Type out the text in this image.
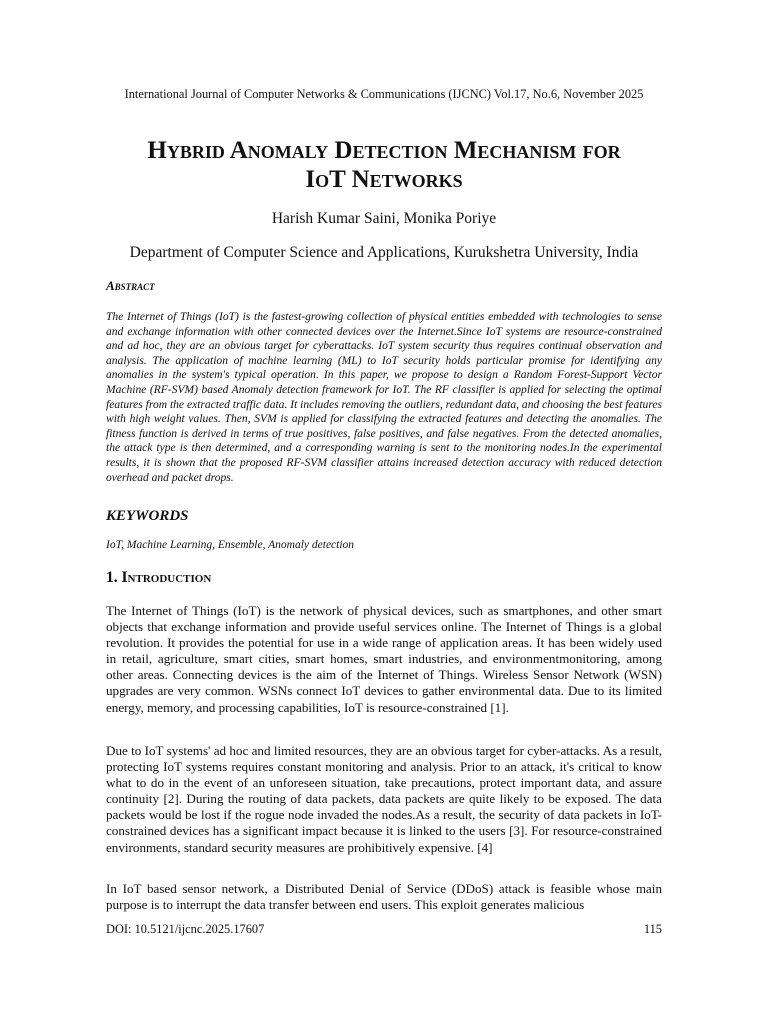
International Journal of Computer Networks & Communications (IJCNC) Vol.17, No.6, November 2025
Hybrid Anomaly Detection Mechanism for
IoT Networks
Harish Kumar Saini, Monika Poriye
Department of Computer Science and Applications, Kurukshetra University, India
Abstract

The Internet of Things (IoT) is the fastest-growing collection of physical entities embedded with technologies to sense and exchange information with other connected devices over the Internet.Since IoT systems are resource-constrained and ad hoc, they are an obvious target for cyberattacks. IoT system security thus requires continual observation and analysis. The application of machine learning (ML) to IoT security holds particular promise for identifying any anomalies in the system's typical operation. In this paper, we propose to design a Random Forest-Support Vector Machine (RF-SVM) based Anomaly detection framework for IoT. The RF classifier is applied for selecting the optimal features from the extracted traffic data. It includes removing the outliers, redundant data, and choosing the best features with high weight values. Then, SVM is applied for classifying the extracted features and detecting the anomalies. The fitness function is derived in terms of true positives, false positives, and false negatives. From the detected anomalies, the attack type is then determined, and a corresponding warning is sent to the monitoring nodes.In the experimental results, it is shown that the proposed RF-SVM classifier attains increased detection accuracy with reduced detection overhead and packet drops.

KEYWORDS
IoT, Machine Learning, Ensemble, Anomaly detection
1. Introduction

The Internet of Things (IoT) is the network of physical devices, such as smartphones, and other smart objects that exchange information and provide useful services online. The Internet of Things is a global revolution. It provides the potential for use in a wide range of application areas. It has been widely used in retail, agriculture, smart cities, smart homes, smart industries, and environmentmonitoring, among other areas. Connecting devices is the aim of the Internet of Things. Wireless Sensor Network (WSN) upgrades are very common. WSNs connect IoT devices to gather environmental data. Due to its limited energy, memory, and processing capabilities, IoT is resource-constrained [1].

Due to IoT systems' ad hoc and limited resources, they are an obvious target for cyber-attacks. As a result, protecting IoT systems requires constant monitoring and analysis. Prior to an attack, it's critical to know what to do in the event of an unforeseen situation, take precautions, protect important data, and assure continuity [2]. During the routing of data packets, data packets are quite likely to be exposed. The data packets would be lost if the rogue node invaded the nodes.As a result, the security of data packets in IoT-constrained devices has a significant impact because it is linked to the users [3]. For resource-constrained environments, standard security measures are prohibitively expensive. [4]

In IoT based sensor network, a Distributed Denial of Service (DDoS) attack is feasible whose main purpose is to interrupt the data transfer between end users. This exploit generates malicious

DOI: 10.5121/ijcnc.2025.17607	115
